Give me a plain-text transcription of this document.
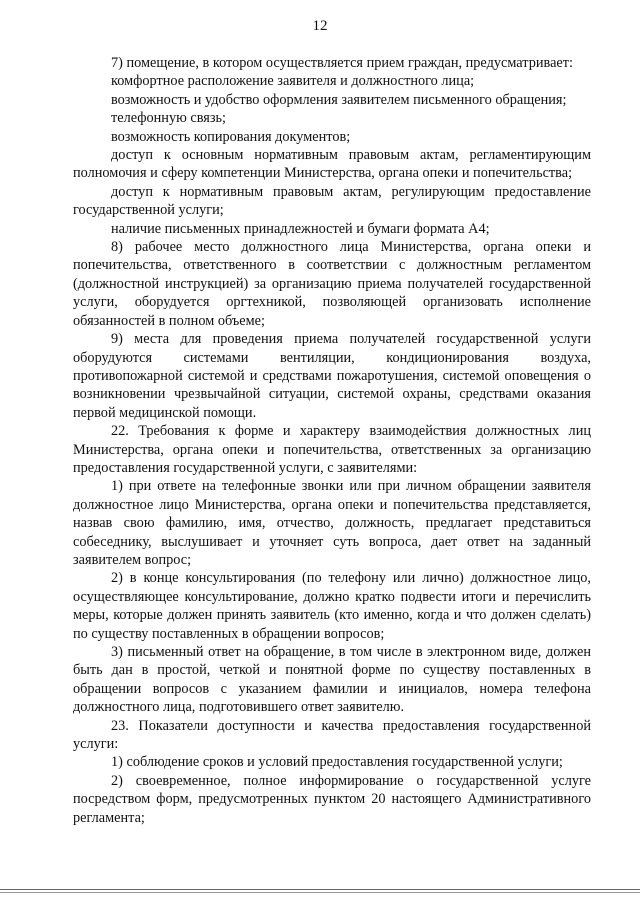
12

7) помещение, в котором осуществляется прием граждан, предусматривает:

комфортное расположение заявителя и должностного лица;

возможность и удобство оформления заявителем письменного обращения;

телефонную связь;

возможность копирования документов;

доступ к основным нормативным правовым актам, регламентирующим полномочия и сферу компетенции Министерства, органа опеки и попечительства;

доступ к нормативным правовым актам, регулирующим предоставление государственной услуги;

наличие письменных принадлежностей и бумаги формата А4;

8) рабочее место должностного лица Министерства, органа опеки и попечительства, ответственного в соответствии с должностным регламентом (должностной инструкцией) за организацию приема получателей государственной услуги, оборудуется оргтехникой, позволяющей организовать исполнение обязанностей в полном объеме;

9) места для проведения приема получателей государственной услуги оборудуются системами вентиляции, кондиционирования воздуха, противопожарной системой и средствами пожаротушения, системой оповещения о возникновении чрезвычайной ситуации, системой охраны, средствами оказания первой медицинской помощи.

22. Требования к форме и характеру взаимодействия должностных лиц Министерства, органа опеки и попечительства, ответственных за организацию предоставления государственной услуги, с заявителями:

1) при ответе на телефонные звонки или при личном обращении заявителя должностное лицо Министерства, органа опеки и попечительства представляется, назвав свою фамилию, имя, отчество, должность, предлагает представиться собеседнику, выслушивает и уточняет суть вопроса, дает ответ на заданный заявителем вопрос;

2) в конце консультирования (по телефону или лично) должностное лицо, осуществляющее консультирование, должно кратко подвести итоги и перечислить меры, которые должен принять заявитель (кто именно, когда и что должен сделать) по существу поставленных в обращении вопросов;

3) письменный ответ на обращение, в том числе в электронном виде, должен быть дан в простой, четкой и понятной форме по существу поставленных в обращении вопросов с указанием фамилии и инициалов, номера телефона должностного лица, подготовившего ответ заявителю.

23. Показатели доступности и качества предоставления государственной услуги:

1) соблюдение сроков и условий предоставления государственной услуги;

2) своевременное, полное информирование о государственной услуге посредством форм, предусмотренных пунктом 20 настоящего Административного регламента;
